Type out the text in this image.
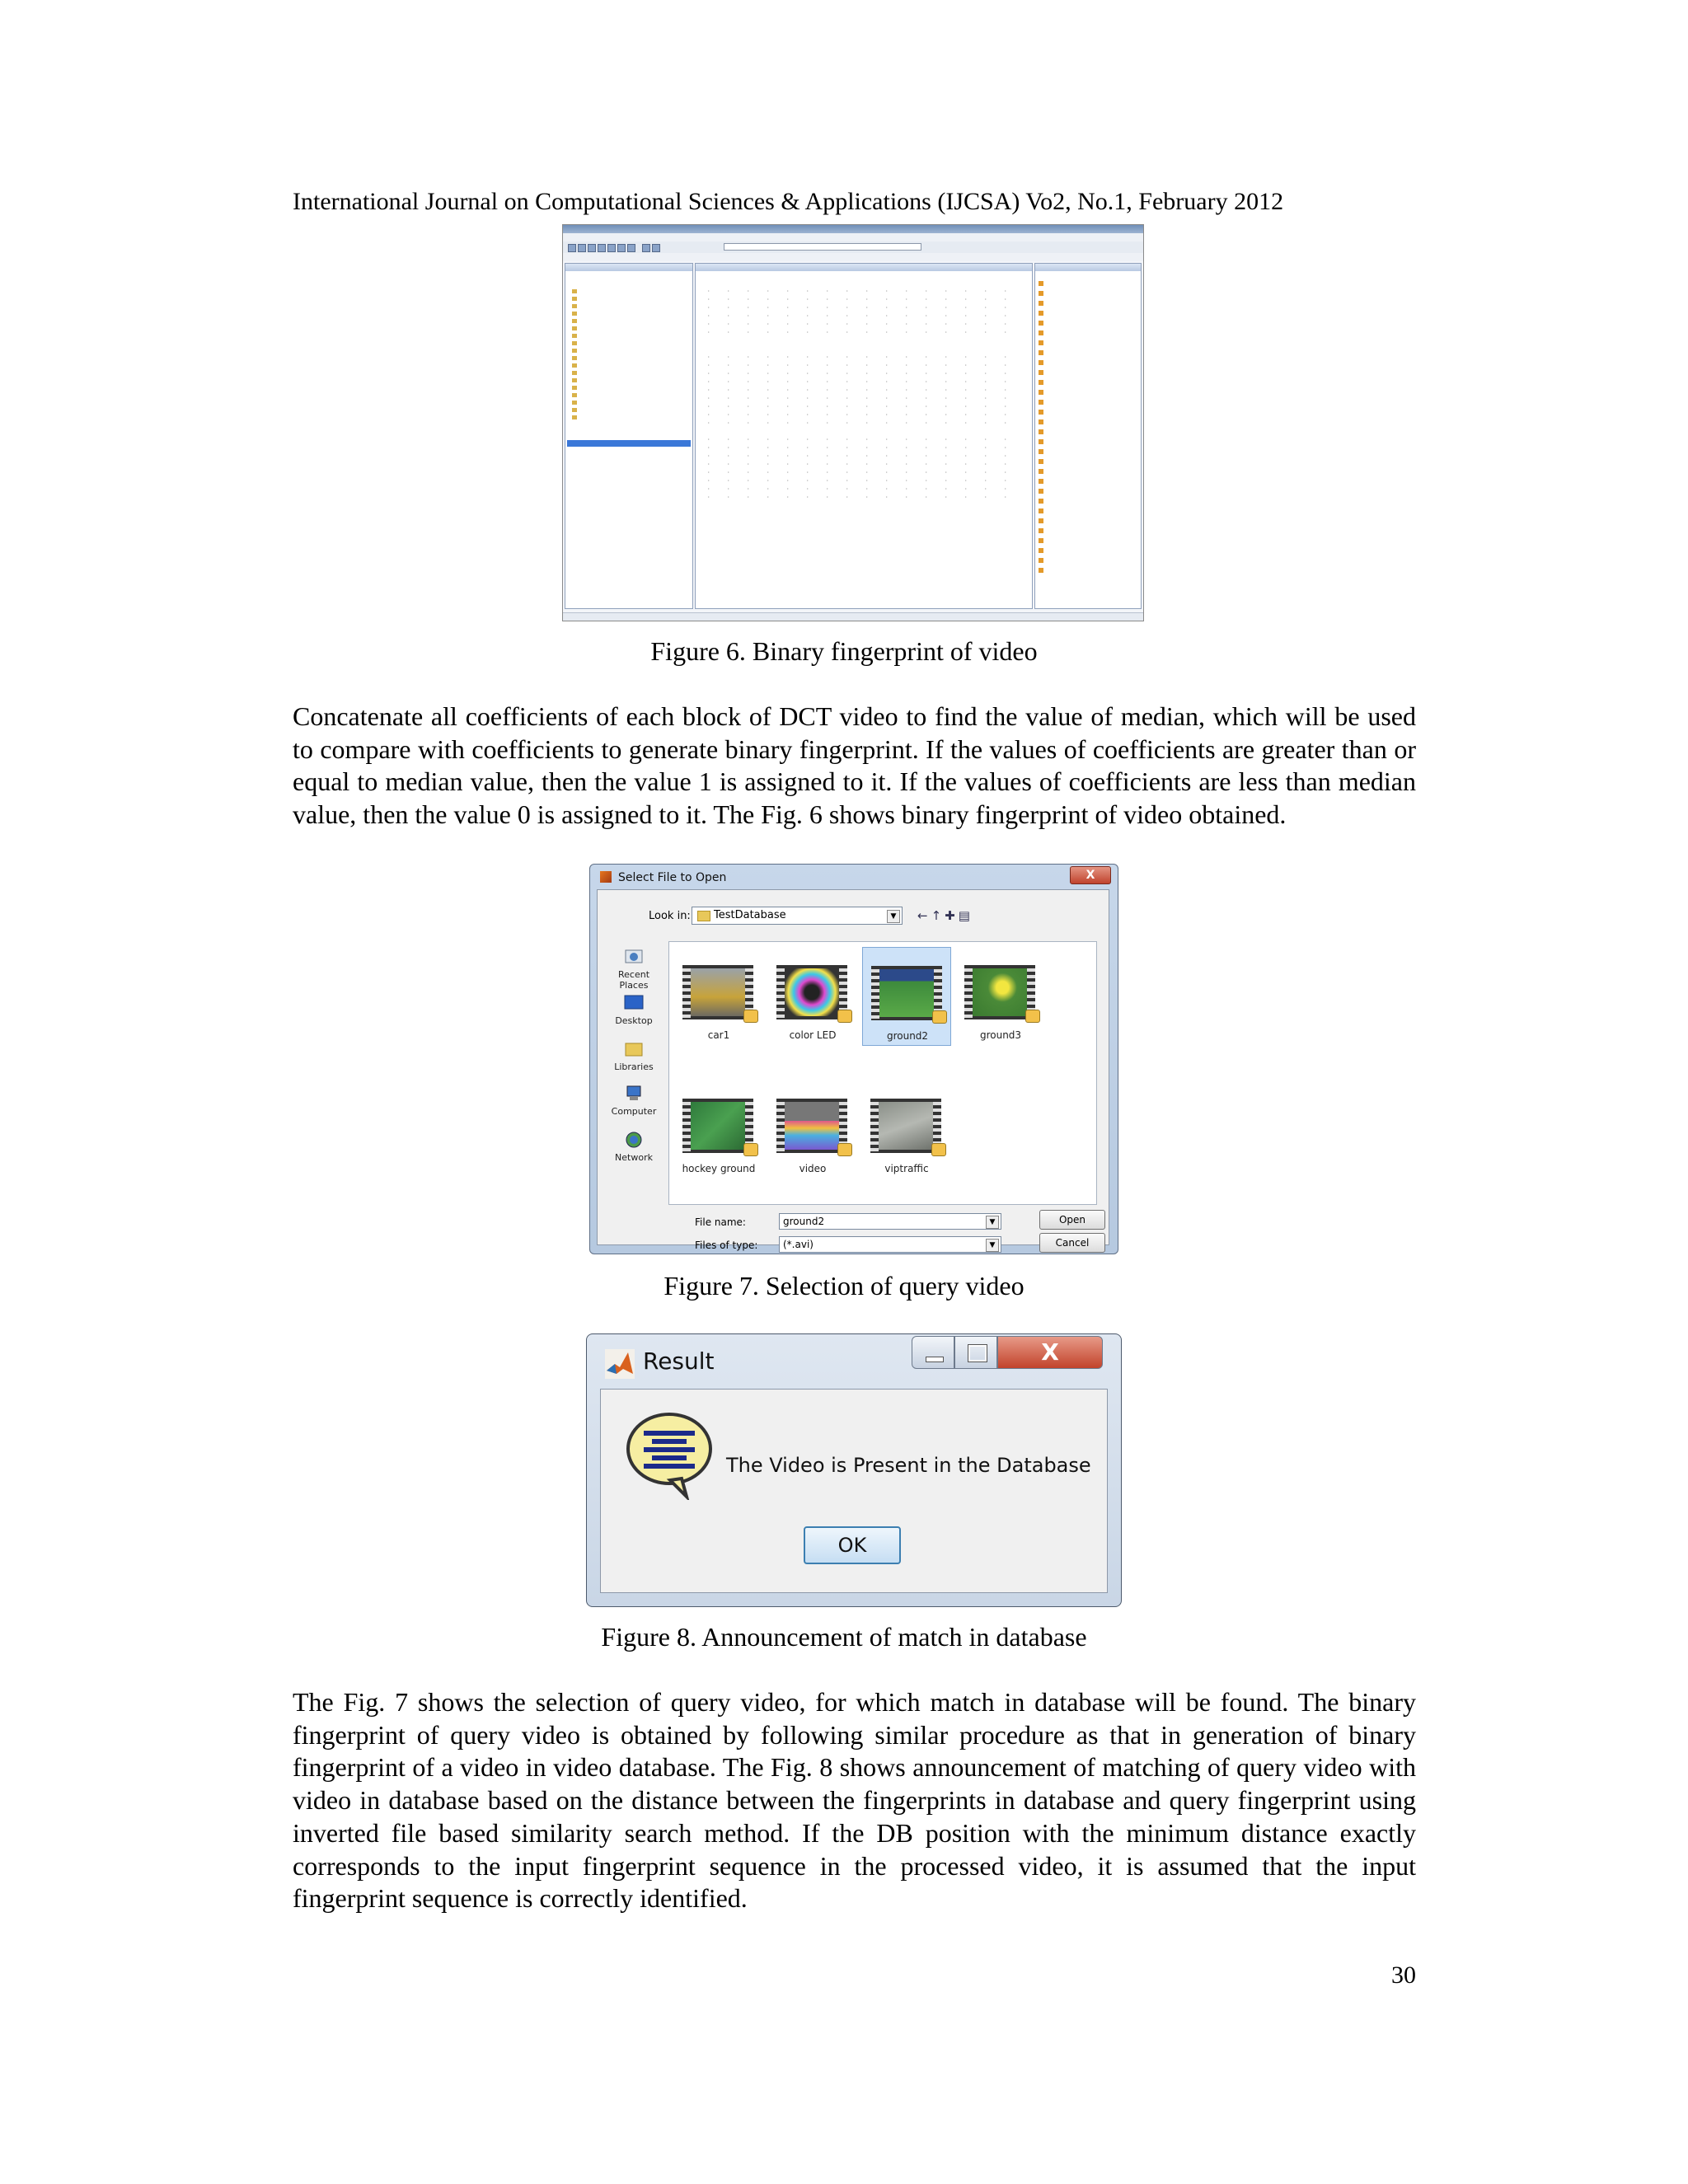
International Journal on Computational Sciences & Applications (IJCSA) Vo2, No.1, February 2012
·	·	·	·	·	·	·	·	·	·	·	·	·	·	·	·
·	·	·	·	·	·	·	·	·	·	·	·	·	·	·	·
·	·	·	·	·	·	·	·	·	·	·	·	·	·	·	·
·	·	·	·	·	·	·	·	·	·	·	·	·	·	·	·
·	·	·	·	·	·	·	·	·	·	·	·	·	·	·	·
·	·	·	·	·	·	·	·	·	·	·	·	·	·	·	·
·	·	·	·	·	·	·	·	·	·	·	·	·	·	·	·
·	·	·	·	·	·	·	·	·	·	·	·	·	·	·	·
·	·	·	·	·	·	·	·	·	·	·	·	·	·	·	·
·	·	·	·	·	·	·	·	·	·	·	·	·	·	·	·
·	·	·	·	·	·	·	·	·	·	·	·	·	·	·	·
·	·	·	·	·	·	·	·	·	·	·	·	·	·	·	·
·	·	·	·	·	·	·	·	·	·	·	·	·	·	·	·
·	·	·	·	·	·	·	·	·	·	·	·	·	·	·	·
·	·	·	·	·	·	·	·	·	·	·	·	·	·	·	·
·	·	·	·	·	·	·	·	·	·	·	·	·	·	·	·
·	·	·	·	·	·	·	·	·	·	·	·	·	·	·	·
·	·	·	·	·	·	·	·	·	·	·	·	·	·	·	·
·	·	·	·	·	·	·	·	·	·	·	·	·	·	·	·
·	·	·	·	·	·	·	·	·	·	·	·	·	·	·	·
·	·	·	·	·	·	·	·	·	·	·	·	·	·	·	·
·	·	·	·	·	·	·	·	·	·	·	·	·	·	·	·
·	·	·	·	·	·	·	·	·	·	·	·	·	·	·	·
Figure 6. Binary fingerprint of video
Concatenate all coefficients of each block of DCT video to find the value of median, which will be used to compare with coefficients to generate binary fingerprint. If the values of coefficients are greater than or equal to median value, then the value 1 is assigned to it. If the values of coefficients are less than median value, then the value 0 is assigned to it. The Fig. 6 shows binary fingerprint of video obtained.
Select File to Open	X
Look in:	TestDatabase	▼	←↑✚▤
Recent Places
Desktop
Libraries
Computer
Network
car1	color LED	ground2	ground3
hockey ground	video	viptraffic
File name:	ground2	▼
Files of type:	(*.avi)	▼
Open
Cancel
Figure 7. Selection of query video
Result	X
The Video is Present in the Database
OK
Figure 8. Announcement of match in database
The Fig. 7 shows the selection of query video, for which match in database will be found. The binary fingerprint of query video is obtained by following similar procedure as that in generation of binary fingerprint of a video in video database. The Fig. 8 shows announcement of matching of query video with video in database based on the distance between the fingerprints in database and query fingerprint using inverted file based similarity search method. If the DB position with the minimum distance exactly corresponds to the input fingerprint sequence in the processed video, it is assumed that the input fingerprint sequence is correctly identified.
30
